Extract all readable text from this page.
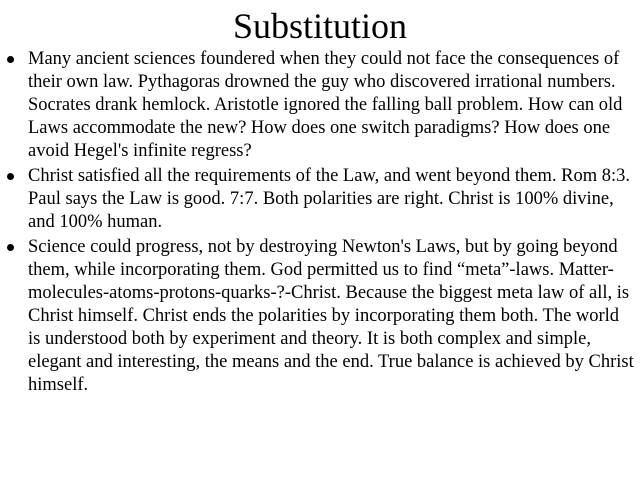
Substitution
Many ancient sciences foundered when they could not face the consequences of their own law. Pythagoras drowned the guy who discovered irrational numbers. Socrates drank hemlock. Aristotle ignored the falling ball problem. How can old Laws accommodate the new? How does one switch paradigms? How does one avoid Hegel's infinite regress?
Christ satisfied all the requirements of the Law, and went beyond them. Rom 8:3. Paul says the Law is good. 7:7. Both polarities are right. Christ is 100% divine, and 100% human.
Science could progress, not by destroying Newton's Laws, but by going beyond them, while incorporating them. God permitted us to find “meta”-laws. Matter-molecules-atoms-protons-quarks-?-Christ. Because the biggest meta law of all, is Christ himself. Christ ends the polarities by incorporating them both. The world is understood both by experiment and theory. It is both complex and simple, elegant and interesting, the means and the end. True balance is achieved by Christ himself.
